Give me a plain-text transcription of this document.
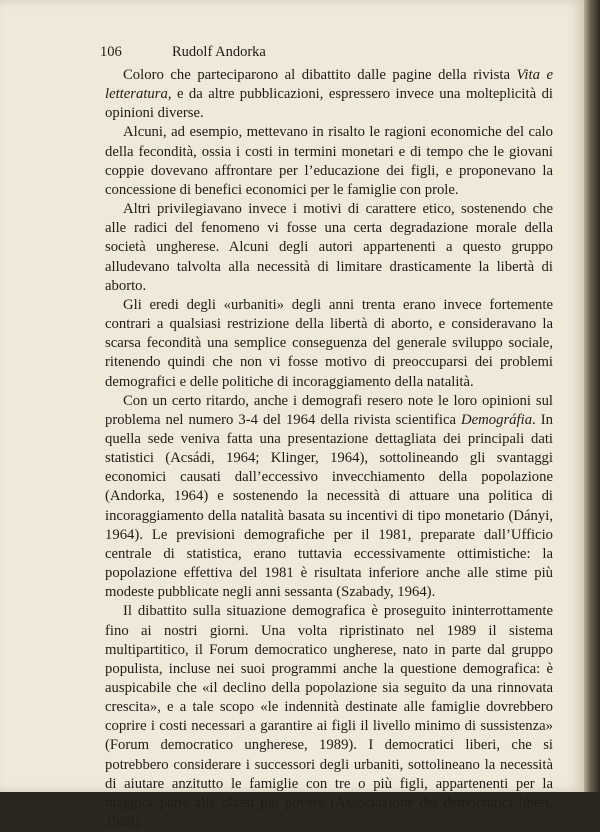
106	Rudolf Andorka

Coloro che parteciparono al dibattito dalle pagine della rivista Vita e letteratura, e da altre pubblicazioni, espressero invece una molteplicità di opinioni diverse.

Alcuni, ad esempio, mettevano in risalto le ragioni economiche del calo della fecondità, ossia i costi in termini monetari e di tempo che le giovani coppie dovevano affrontare per l’educazione dei figli, e proponevano la concessione di benefici economici per le famiglie con prole.

Altri privilegiavano invece i motivi di carattere etico, sostenendo che alle radici del fenomeno vi fosse una certa degradazione morale della società ungherese. Alcuni degli autori appartenenti a questo gruppo alludevano talvolta alla necessità di limitare drasticamente la libertà di aborto.

Gli eredi degli «urbaniti» degli anni trenta erano invece fortemente contrari a qualsiasi restrizione della libertà di aborto, e consideravano la scarsa fecondità una semplice conseguenza del generale sviluppo sociale, ritenendo quindi che non vi fosse motivo di preoccuparsi dei problemi demografici e delle politiche di incoraggiamento della natalità.

Con un certo ritardo, anche i demografi resero note le loro opinioni sul problema nel numero 3-4 del 1964 della rivista scientifica Demográfia. In quella sede veniva fatta una presentazione dettagliata dei principali dati statistici (Acsádi, 1964; Klinger, 1964), sottolineando gli svantaggi economici causati dall’eccessivo invecchiamento della popolazione (Andorka, 1964) e sostenendo la necessità di attuare una politica di incoraggiamento della natalità basata su incentivi di tipo monetario (Dányi, 1964). Le previsioni demografiche per il 1981, preparate dall’Ufficio centrale di statistica, erano tuttavia eccessivamente ottimistiche: la popolazione effettiva del 1981 è risultata inferiore anche alle stime più modeste pubblicate negli anni sessanta (Szabady, 1964).

Il dibattito sulla situazione demografica è proseguito ininterrottamente fino ai nostri giorni. Una volta ripristinato nel 1989 il sistema multipartitico, il Forum democratico ungherese, nato in parte dal gruppo populista, incluse nei suoi programmi anche la questione demografica: è auspicabile che «il declino della popolazione sia seguito da una rinnovata crescita», e a tale scopo «le indennità destinate alle famiglie dovrebbero coprire i costi necessari a garantire ai figli il livello minimo di sussistenza» (Forum democratico ungherese, 1989). I democratici liberi, che si potrebbero considerare i successori degli urbaniti, sottolineano la necessità di aiutare anzitutto le famiglie con tre o più figli, appartenenti per la maggior parte alle classi più povere (Associazione dei democratici liberi, 1989).
